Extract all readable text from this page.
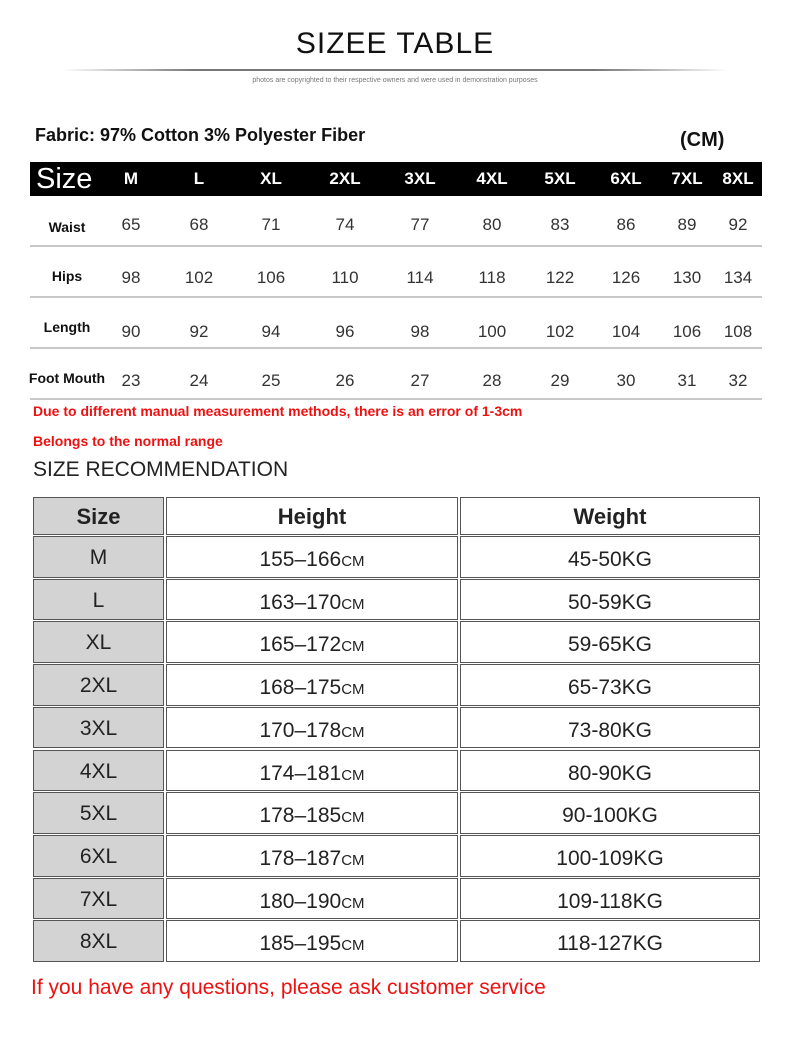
SIZEE TABLE
photos are copyrighted to their respective owners and were used in demonstration purposes
Fabric: 97% Cotton 3% Polyester Fiber	(CM)
Size	M	L	XL	2XL	3XL	4XL	5XL	6XL	7XL	8XL
Due to different manual measurement methods, there is an error of 1-3cm
Belongs to the normal range
SIZE RECOMMENDATION
Size	Height	Weight
M	155–166CM	45-50KG
L	163–170CM	50-59KG
XL	165–172CM	59-65KG
2XL	168–175CM	65-73KG
3XL	170–178CM	73-80KG
4XL	174–181CM	80-90KG
5XL	178–185CM	90-100KG
6XL	178–187CM	100-109KG
7XL	180–190CM	109-118KG
8XL	185–195CM	118-127KG
If you have any questions, please ask customer service
Waist	65	68	71	74	77	80	83	86	89	92
Hips	98	102	106	110	114	118	122	126	130	134
Length	90	92	94	96	98	100	102	104	106	108
Foot Mouth 23	24	25	26	27	28	29	30	31	32
